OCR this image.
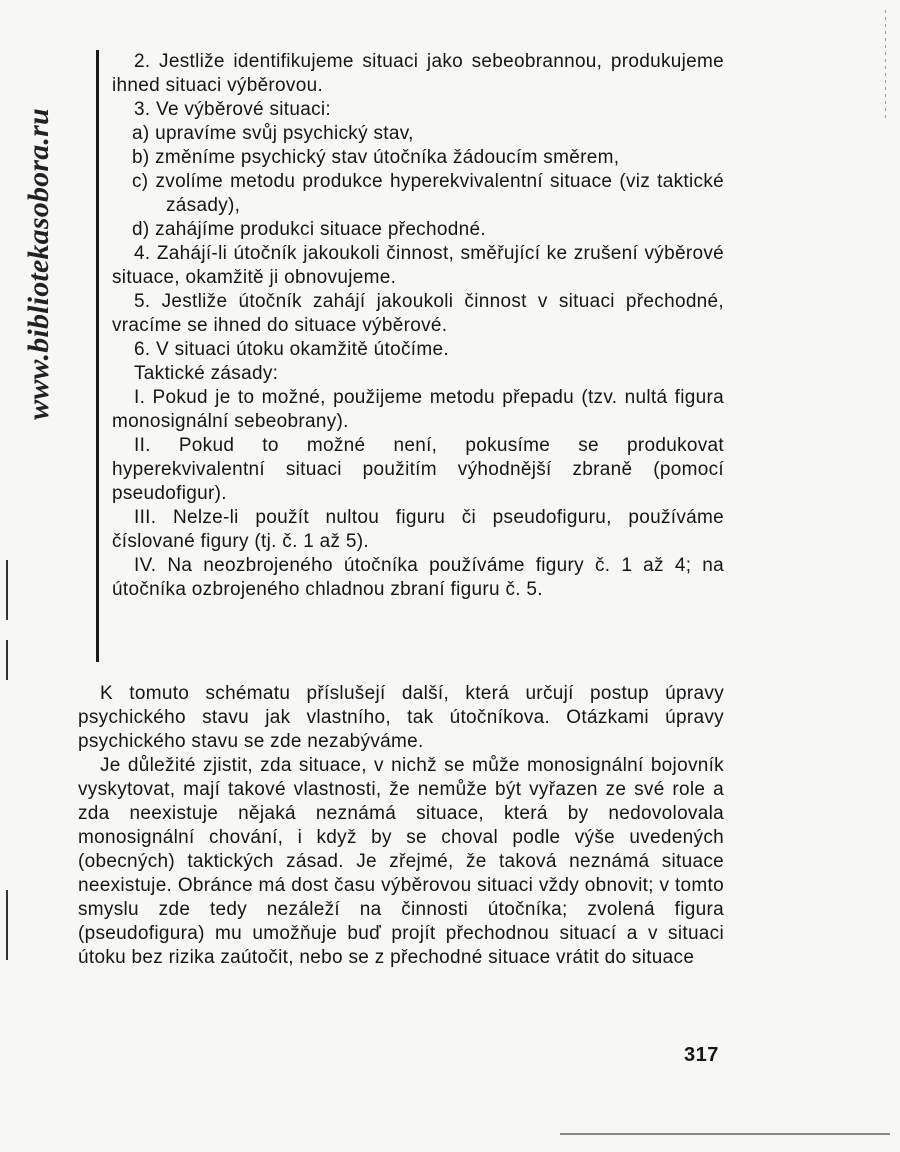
www.bibliotekasobora.ru

2. Jestliže identifikujeme situaci jako sebeobrannou, produkujeme ihned situaci výběrovou.

3. Ve výběrové situaci:

a) upravíme svůj psychický stav,

b) změníme psychický stav útočníka žádoucím směrem,

c) zvolíme metodu produkce hyperekvivalentní situace (viz taktické zásady),

d) zahájíme produkci situace přechodné.

4. Zahájí-li útočník jakoukoli činnost, směřující ke zrušení výběrové situace, okamžitě ji obnovujeme.

5. Jestliže útočník zahájí jakoukoli činnost v situaci přechodné, vracíme se ihned do situace výběrové.

6. V situaci útoku okamžitě útočíme.

Taktické zásady:

I. Pokud je to možné, použijeme metodu přepadu (tzv. nultá figura monosignální sebeobrany).

II. Pokud to možné není, pokusíme se produkovat hyperekvivalentní situaci použitím výhodnější zbraně (pomocí pseudofigur).

III. Nelze-li použít nultou figuru či pseudofiguru, používáme číslované figury (tj. č. 1 až 5).

IV. Na neozbrojeného útočníka používáme figury č. 1 až 4; na útočníka ozbrojeného chladnou zbraní figuru č. 5.

K tomuto schématu příslušejí další, která určují postup úpravy psychického stavu jak vlastního, tak útočníkova. Otázkami úpravy psychického stavu se zde nezabýváme.

Je důležité zjistit, zda situace, v nichž se může monosignální bojovník vyskytovat, mají takové vlastnosti, že nemůže být vyřazen ze své role a zda neexistuje nějaká neznámá situace, která by nedovolovala monosignální chování, i když by se choval podle výše uvedených (obecných) taktických zásad. Je zřejmé, že taková neznámá situace neexistuje. Obránce má dost času výběrovou situaci vždy obnovit; v tomto smyslu zde tedy nezáleží na činnosti útočníka; zvolená figura (pseudofigura) mu umožňuje buď projít přechodnou situací a v situaci útoku bez rizika zaútočit, nebo se z přechodné situace vrátit do situace

317
